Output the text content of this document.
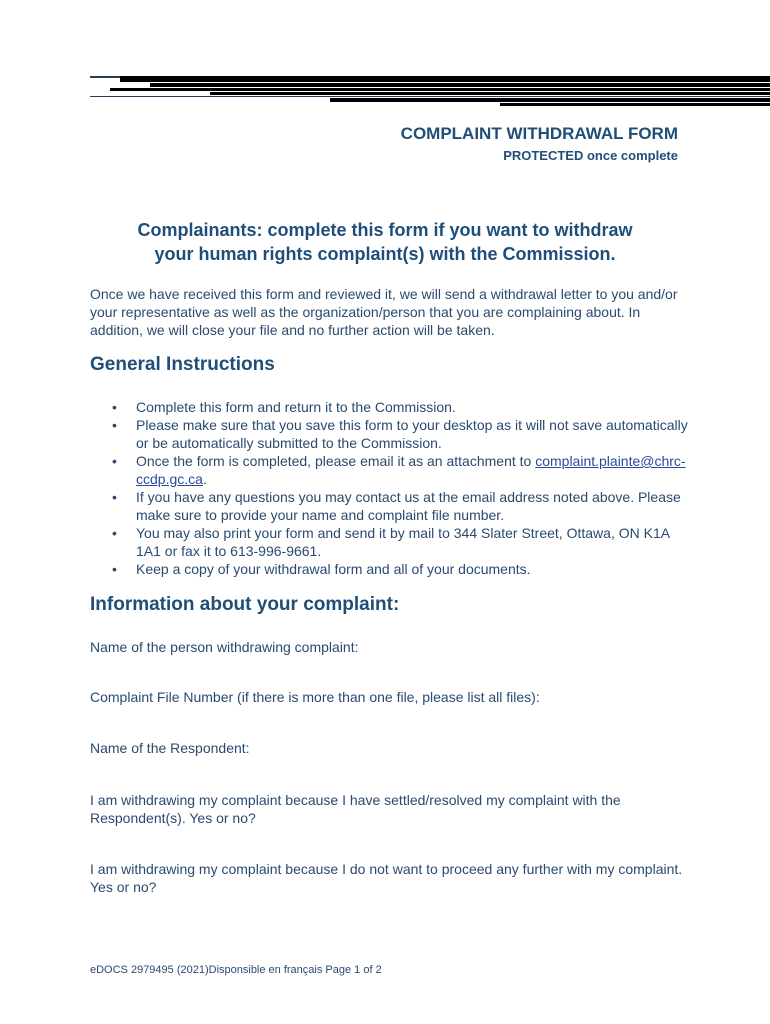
COMPLAINT WITHDRAWAL FORM
PROTECTED once complete
Complainants: complete this form if you want to withdraw
your human rights complaint(s) with the Commission.
Once we have received this form and reviewed it, we will send a withdrawal letter to you and/or your representative as well as the organization/person that you are complaining about. In addition, we will close your file and no further action will be taken.
General Instructions
• Complete this form and return it to the Commission.
• Please make sure that you save this form to your desktop as it will not save automatically or be automatically submitted to the Commission.
• Once the form is completed, please email it as an attachment to complaint.plainte@chrc-ccdp.gc.ca.
• If you have any questions you may contact us at the email address noted above. Please make sure to provide your name and complaint file number.
• You may also print your form and send it by mail to 344 Slater Street, Ottawa, ON K1A 1A1 or fax it to 613-996-9661.
• Keep a copy of your withdrawal form and all of your documents.
Information about your complaint:
Name of the person withdrawing complaint:
Complaint File Number (if there is more than one file, please list all files):
Name of the Respondent:
I am withdrawing my complaint because I have settled/resolved my complaint with the Respondent(s). Yes or no?
I am withdrawing my complaint because I do not want to proceed any further with my complaint. Yes or no?
eDOCS 2979495 (2021)Disponsible en français Page 1 of 2
